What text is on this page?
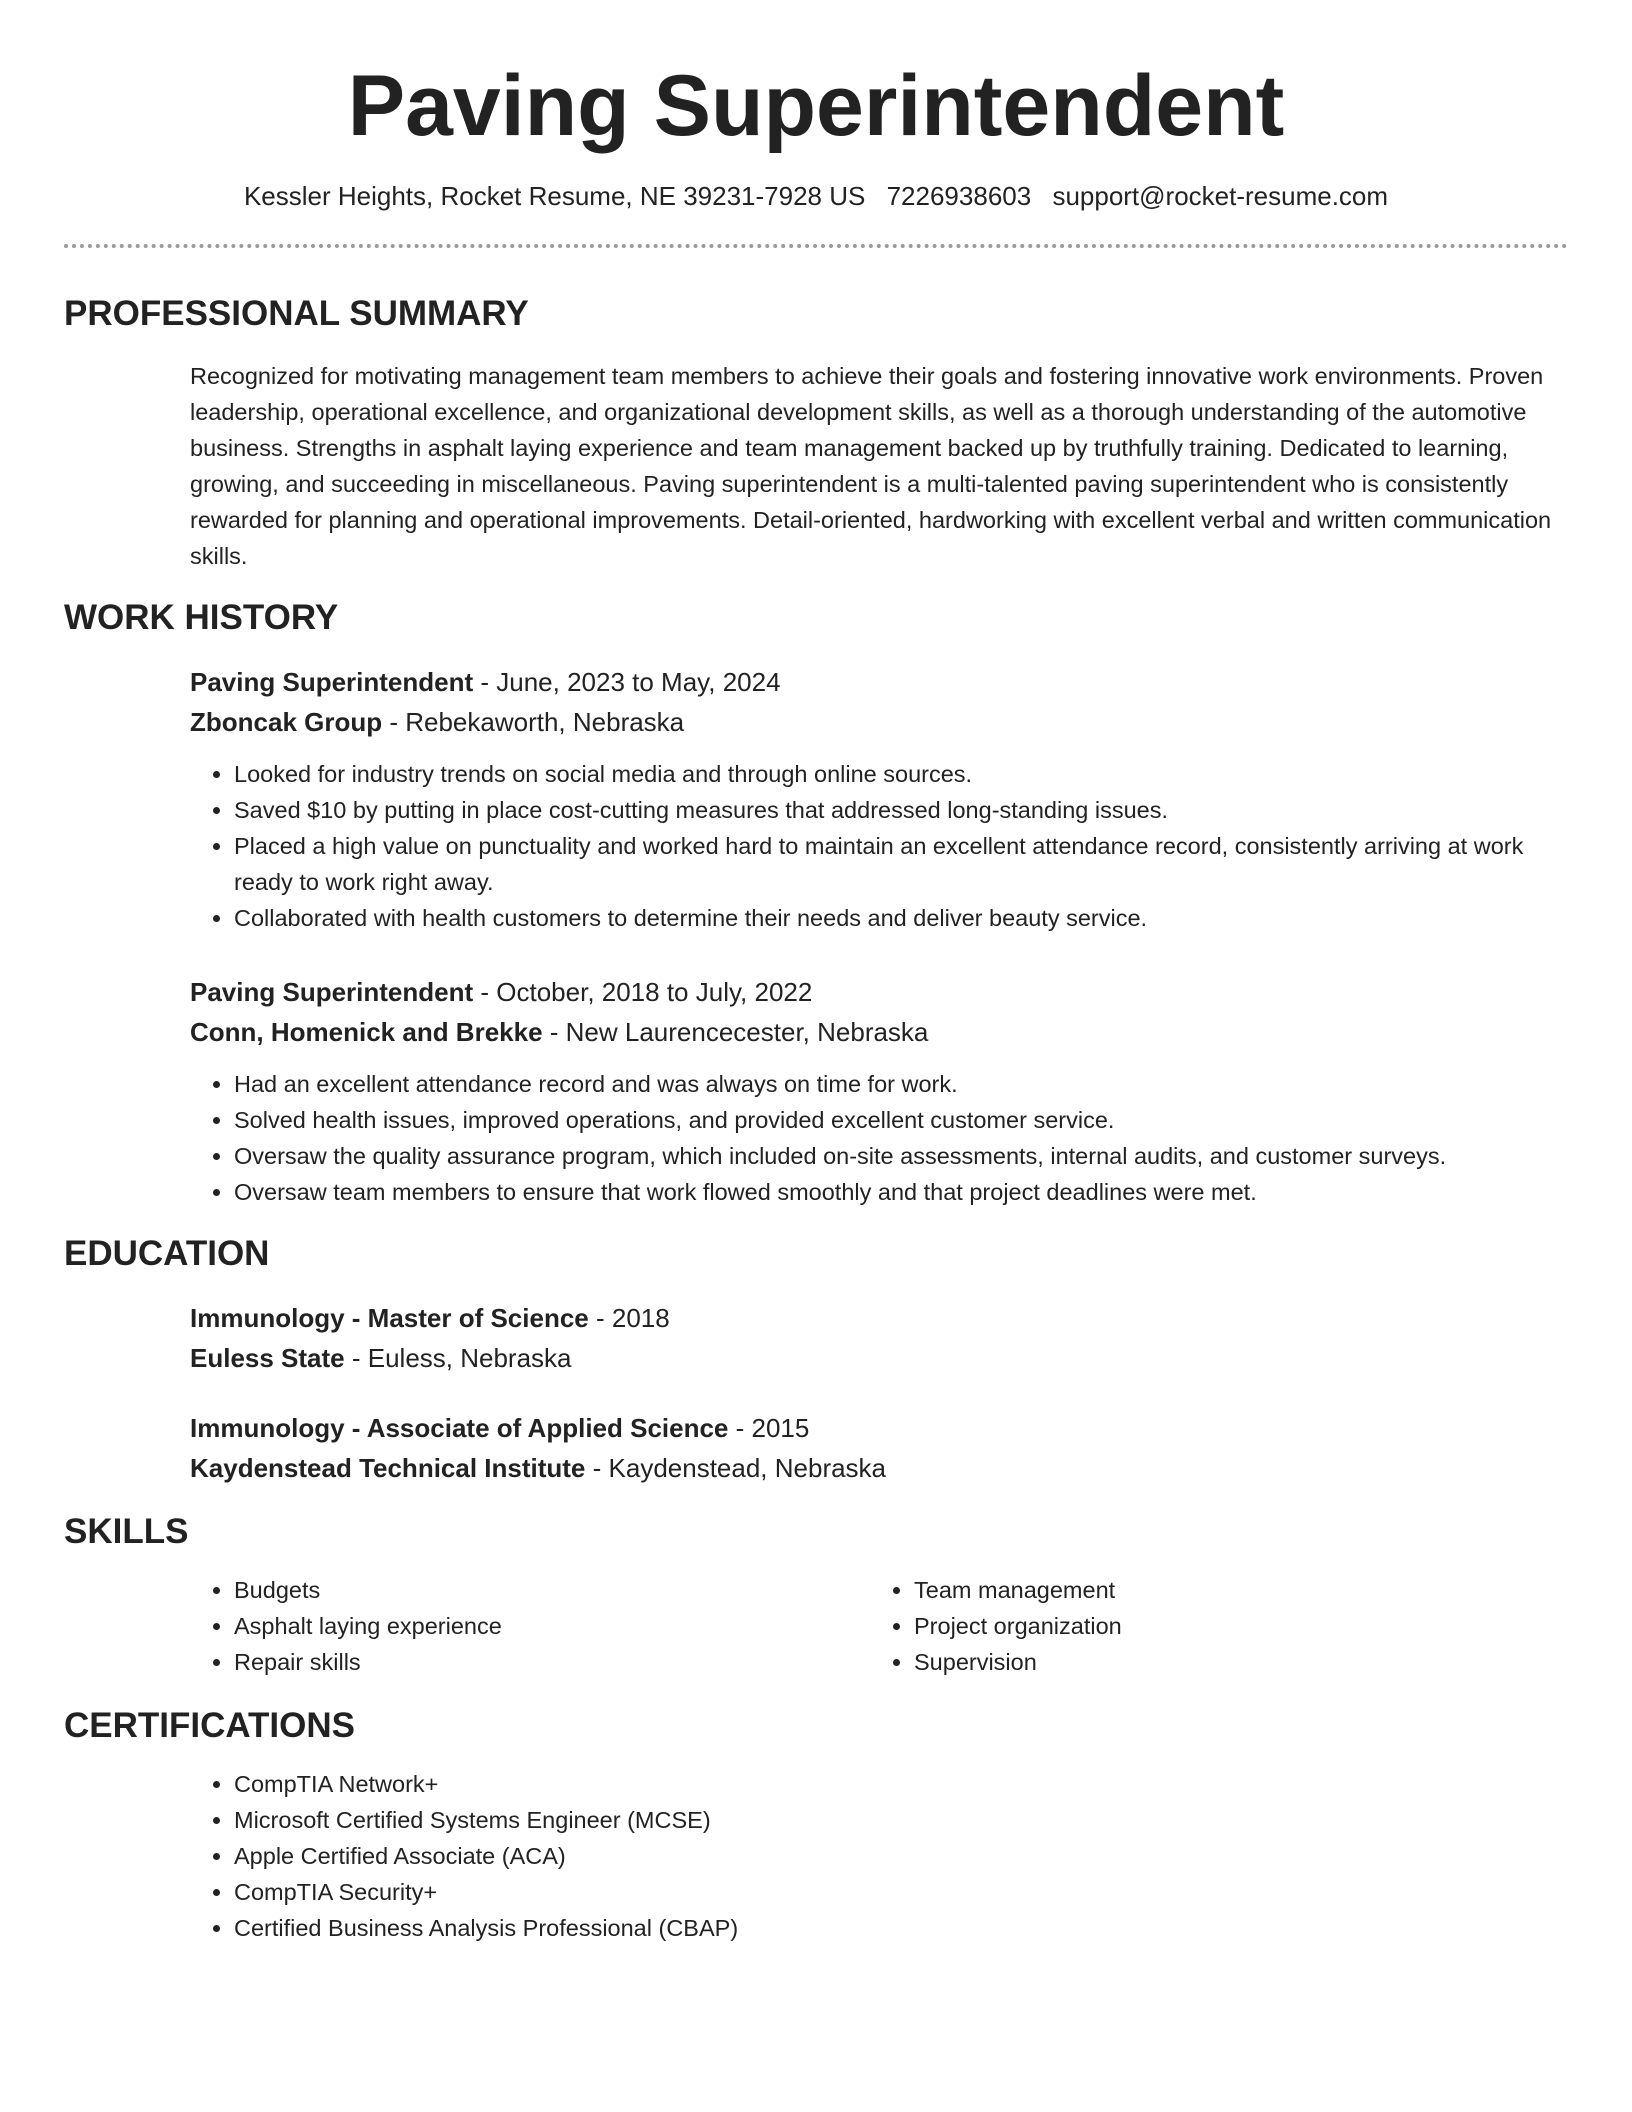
Paving Superintendent
Kessler Heights, Rocket Resume, NE 39231-7928 US 7226938603 support@rocket-resume.com
PROFESSIONAL SUMMARY
Recognized for motivating management team members to achieve their goals and fostering innovative work environments. Proven leadership, operational excellence, and organizational development skills, as well as a thorough understanding of the automotive business. Strengths in asphalt laying experience and team management backed up by truthfully training. Dedicated to learning, growing, and succeeding in miscellaneous. Paving superintendent is a multi-talented paving superintendent who is consistently rewarded for planning and operational improvements. Detail-oriented, hardworking with excellent verbal and written communication skills.
WORK HISTORY
Paving Superintendent - June, 2023 to May, 2024
Zboncak Group - Rebekaworth, Nebraska
• Looked for industry trends on social media and through online sources.
• Saved $10 by putting in place cost-cutting measures that addressed long-standing issues.
• Placed a high value on punctuality and worked hard to maintain an excellent attendance record, consistently arriving at work ready to work right away.
• Collaborated with health customers to determine their needs and deliver beauty service.
Paving Superintendent - October, 2018 to July, 2022
Conn, Homenick and Brekke - New Laurencecester, Nebraska
• Had an excellent attendance record and was always on time for work.
• Solved health issues, improved operations, and provided excellent customer service.
• Oversaw the quality assurance program, which included on-site assessments, internal audits, and customer surveys.
• Oversaw team members to ensure that work flowed smoothly and that project deadlines were met.
EDUCATION
Immunology - Master of Science - 2018
Euless State - Euless, Nebraska
Immunology - Associate of Applied Science - 2015
Kaydenstead Technical Institute - Kaydenstead, Nebraska
SKILLS
• Budgets
• Asphalt laying experience
• Repair skills
• Team management
• Project organization
• Supervision
CERTIFICATIONS
• CompTIA Network+
• Microsoft Certified Systems Engineer (MCSE)
• Apple Certified Associate (ACA)
• CompTIA Security+
• Certified Business Analysis Professional (CBAP)
